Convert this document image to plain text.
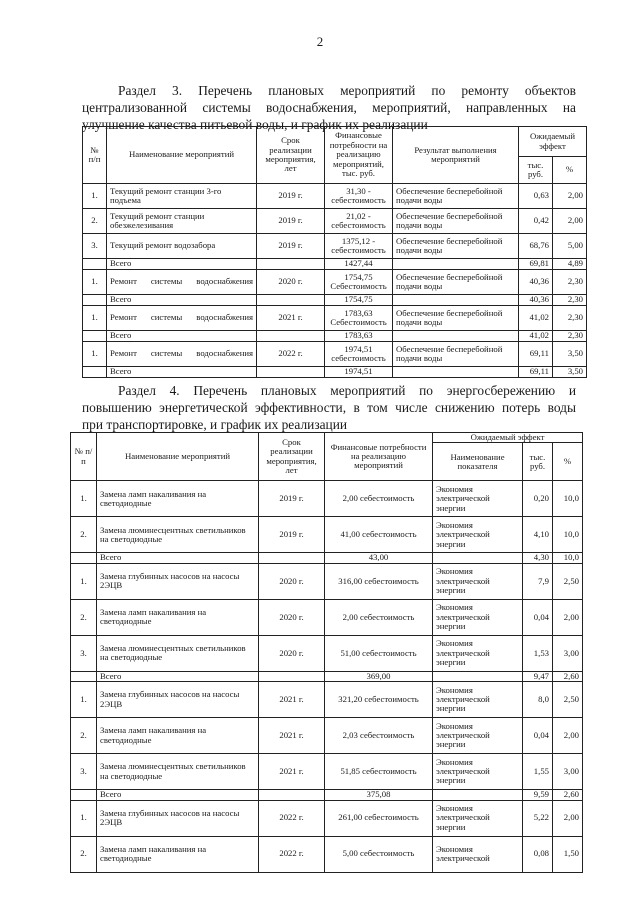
2
Раздел 3. Перечень плановых мероприятий по ремонту объектов
централизованной системы водоснабжения, мероприятий, направленных на
улучшение качества питьевой воды, и график их реализации
№ п/п	Наименование мероприятий	Срок реализации мероприятия, лет	Финансовые потребности на реализацию мероприятий, тыс. руб.	Результат выполнения мероприятий	Ожидаемый эффект	
					тыс. руб.	%
1.	Текущий ремонт станции 3-го подъема	2019 г.	31,30 - себестоимость	Обеспечение бесперебойной подачи воды	0,63	2,00
2.	Текущий ремонт станции обезжелезивания	2019 г.	21,02 - себестоимость	Обеспечение бесперебойной подачи воды	0,42	2,00
3.	Текущий ремонт водозабора	2019 г.	1375,12 - себестоимость	Обеспечение бесперебойной подачи воды	68,76	5,00
	Всего		1427,44		69,81	4,89
1.	Ремонт системы водоснабжения	2020 г.	1754,75 Себестоимость	Обеспечение бесперебойной подачи воды	40,36	2,30
	Всего		1754,75		40,36	2,30
1.	Ремонт системы водоснабжения	2021 г.	1783,63 Себестоимость	Обеспечение бесперебойной подачи воды	41,02	2,30
	Всего		1783,63		41,02	2,30
1.	Ремонт системы водоснабжения	2022 г.	1974,51 себестоимость	Обеспечение бесперебойной подачи воды	69,11	3,50
	Всего		1974,51		69,11	3,50
Раздел 4. Перечень плановых мероприятий по энергосбережению и
повышению энергетической эффективности, в том числе снижению потерь воды
при транспортировке, и график их реализации
№ п/п	Наименование мероприятий	Срок реализации мероприятия, лет	Финансовые потребности на реализацию мероприятий	Ожидаемый эффект		
				Наименование показателя	тыс. руб.	%
1.	Замена ламп накаливания на светодиодные	2019 г.	2,00 себестоимость	Экономия электрической энергии	0,20	10,0
2.	Замена люминесцентных светильников на светодиодные	2019 г.	41,00 себестоимость	Экономия электрической энергии	4,10	10,0
	Всего		43,00		4,30	10,0
1.	Замена глубинных насосов на насосы 2ЭЦВ	2020 г.	316,00 себестоимость	Экономия электрической энергии	7,9	2,50
2.	Замена ламп накаливания на светодиодные	2020 г.	2,00 себестоимость	Экономия электрической энергии	0,04	2,00
3.	Замена люминесцентных светильников на светодиодные	2020 г.	51,00 себестоимость	Экономия электрической энергии	1,53	3,00
	Всего		369,00		9,47	2,60
1.	Замена глубинных насосов на насосы 2ЭЦВ	2021 г.	321,20 себестоимость	Экономия электрической энергии	8,0	2,50
2.	Замена ламп накаливания на светодиодные	2021 г.	2,03 себестоимость	Экономия электрической энергии	0,04	2,00
3.	Замена люминесцентных светильников на светодиодные	2021 г.	51,85 себестоимость	Экономия электрической энергии	1,55	3,00
	Всего		375,08		9,59	2,60
1.	Замена глубинных насосов на насосы 2ЭЦВ	2022 г.	261,00 себестоимость	Экономия электрической энергии	5,22	2,00
2.	Замена ламп накаливания на светодиодные	2022 г.	5,00 себестоимость	Экономия электрической	0,08	1,50
